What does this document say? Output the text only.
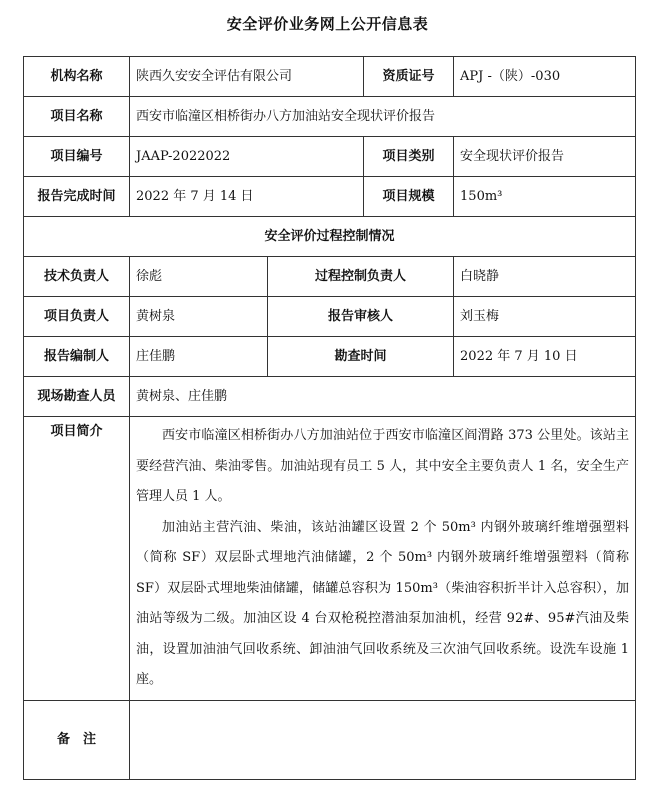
安全评价业务网上公开信息表
机构名称	陕西久安安全评估有限公司		资质证号	APJ -（陕）-030
项目名称	西安市临潼区相桥街办八方加油站安全现状评价报告			
项目编号	JAAP-2022022		项目类别	安全现状评价报告
报告完成时间	2022 年 7 月 14 日		项目规模	150m³
安全评价过程控制情况				
技术负责人	徐彪	过程控制负责人		白晓静
项目负责人	黄树泉	报告审核人		刘玉梅
报告编制人	庄佳鹏	勘查时间		2022 年 7 月 10 日
现场勘查人员	黄树泉、庄佳鹏			
项目简介	西安市临潼区相桥街办八方加油站位于西安市临潼区阎渭路 373 公里处。该站主要经营汽油、柴油零售。加油站现有员工 5 人，其中安全主要负责人 1 名，安全生产管理人员 1 人。

加油站主营汽油、柴油，该站油罐区设置 2 个 50m³ 内钢外玻璃纤维增强塑料（简称 SF）双层卧式埋地汽油储罐，2 个 50m³ 内钢外玻璃纤维增强塑料（简称 SF）双层卧式埋地柴油储罐，储罐总容积为 150m³（柴油容积折半计入总容积），加油站等级为二级。加油区设 4 台双枪税控潜油泵加油机，经营 92#、95#汽油及柴油，设置加油油气回收系统、卸油油气回收系统及三次油气回收系统。设洗车设施 1 座。			

备　注				
